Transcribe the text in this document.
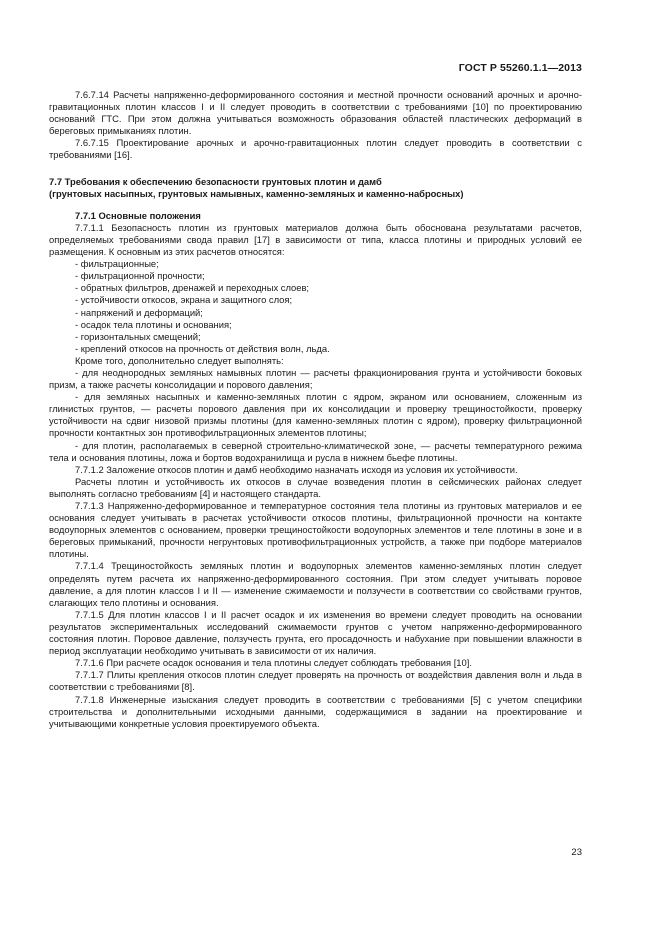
ГОСТ Р 55260.1.1—2013

7.6.7.14 Расчеты напряженно-деформированного состояния и местной прочности оснований арочных и арочно-гравитационных плотин классов I и II следует проводить в соответствии с требованиями [10] по проектированию оснований ГТС. При этом должна учитываться возможность образования областей пластических деформаций в береговых примыканиях плотин.

7.6.7.15 Проектирование арочных и арочно-гравитационных плотин следует проводить в соответствии с требованиями [16].

7.7 Требования к обеспечению безопасности грунтовых плотин и дамб

(грунтовых насыпных, грунтовых намывных, каменно-земляных и каменно-набросных)

7.7.1 Основные положения

7.7.1.1 Безопасность плотин из грунтовых материалов должна быть обоснована результатами расчетов, определяемых требованиями свода правил [17] в зависимости от типа, класса плотины и природных условий ее размещения. К основным из этих расчетов относятся:

- фильтрационные;
- фильтрационной прочности;
- обратных фильтров, дренажей и переходных слоев;
- устойчивости откосов, экрана и защитного слоя;
- напряжений и деформаций;
- осадок тела плотины и основания;
- горизонтальных смещений;
- креплений откосов на прочность от действия волн, льда.

Кроме того, дополнительно следует выполнять:

- для неоднородных земляных намывных плотин — расчеты фракционирования грунта и устойчивости боковых призм, а также расчеты консолидации и порового давления;

- для земляных насыпных и каменно-земляных плотин с ядром, экраном или основанием, сложенным из глинистых грунтов, — расчеты порового давления при их консолидации и проверку трещиностойкости, проверку устойчивости на сдвиг низовой призмы плотины (для каменно-земляных плотин с ядром), проверку фильтрационной прочности контактных зон противофильтрационных элементов плотины;

- для плотин, располагаемых в северной строительно-климатической зоне, — расчеты температурного режима тела и основания плотины, ложа и бортов водохранилища и русла в нижнем бьефе плотины.

7.7.1.2 Заложение откосов плотин и дамб необходимо назначать исходя из условия их устойчивости.

Расчеты плотин и устойчивость их откосов в случае возведения плотин в сейсмических районах следует выполнять согласно требованиям [4] и настоящего стандарта.

7.7.1.3 Напряженно-деформированное и температурное состояния тела плотины из грунтовых материалов и ее основания следует учитывать в расчетах устойчивости откосов плотины, фильтрационной прочности на контакте водоупорных элементов с основанием, проверки трещиностойкости водоупорных элементов и теле плотины в зоне и в береговых примыканий, прочности негрунтовых противофильтрационных устройств, а также при подборе материалов плотины.

7.7.1.4 Трещиностойкость земляных плотин и водоупорных элементов каменно-земляных плотин следует определять путем расчета их напряженно-деформированного состояния. При этом следует учитывать поровое давление, а для плотин классов I и II — изменение сжимаемости и ползучести в соответствии со свойствами грунтов, слагающих тело плотины и основания.

7.7.1.5 Для плотин классов I и II расчет осадок и их изменения во времени следует проводить на основании результатов экспериментальных исследований сжимаемости грунтов с учетом напряженно-деформированного состояния плотин. Поровое давление, ползучесть грунта, его просадочность и набухание при повышении влажности в период эксплуатации необходимо учитывать в зависимости от их наличия.

7.7.1.6 При расчете осадок основания и тела плотины следует соблюдать требования [10].

7.7.1.7 Плиты крепления откосов плотин следует проверять на прочность от воздействия давления волн и льда в соответствии с требованиями [8].

7.7.1.8 Инженерные изыскания следует проводить в соответствии с требованиями [5] с учетом специфики строительства и дополнительными исходными данными, содержащимися в задании на проектирование и учитывающими конкретные условия проектируемого объекта.

23
